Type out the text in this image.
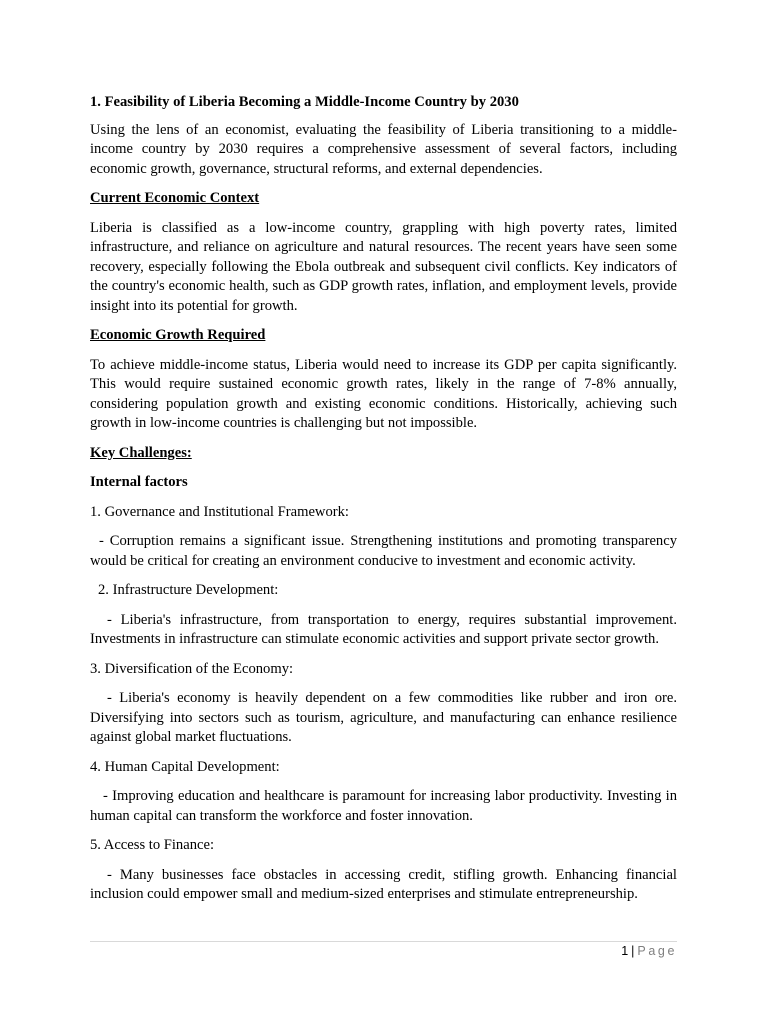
1. Feasibility of Liberia Becoming a Middle-Income Country by 2030

Using the lens of an economist, evaluating the feasibility of Liberia transitioning to a middle-income country by 2030 requires a comprehensive assessment of several factors, including economic growth, governance, structural reforms, and external dependencies.

Current Economic Context

Liberia is classified as a low-income country, grappling with high poverty rates, limited infrastructure, and reliance on agriculture and natural resources. The recent years have seen some recovery, especially following the Ebola outbreak and subsequent civil conflicts. Key indicators of the country's economic health, such as GDP growth rates, inflation, and employment levels, provide insight into its potential for growth.

Economic Growth Required

To achieve middle-income status, Liberia would need to increase its GDP per capita significantly. This would require sustained economic growth rates, likely in the range of 7-8% annually, considering population growth and existing economic conditions. Historically, achieving such growth in low-income countries is challenging but not impossible.

Key Challenges:

Internal factors

1. Governance and Institutional Framework:

- Corruption remains a significant issue. Strengthening institutions and promoting transparency would be critical for creating an environment conducive to investment and economic activity.

2. Infrastructure Development:

- Liberia's infrastructure, from transportation to energy, requires substantial improvement. Investments in infrastructure can stimulate economic activities and support private sector growth.

3. Diversification of the Economy:

- Liberia's economy is heavily dependent on a few commodities like rubber and iron ore. Diversifying into sectors such as tourism, agriculture, and manufacturing can enhance resilience against global market fluctuations.

4. Human Capital Development:

- Improving education and healthcare is paramount for increasing labor productivity. Investing in human capital can transform the workforce and foster innovation.

5. Access to Finance:

- Many businesses face obstacles in accessing credit, stifling growth. Enhancing financial inclusion could empower small and medium-sized enterprises and stimulate entrepreneurship.

1 | Page
